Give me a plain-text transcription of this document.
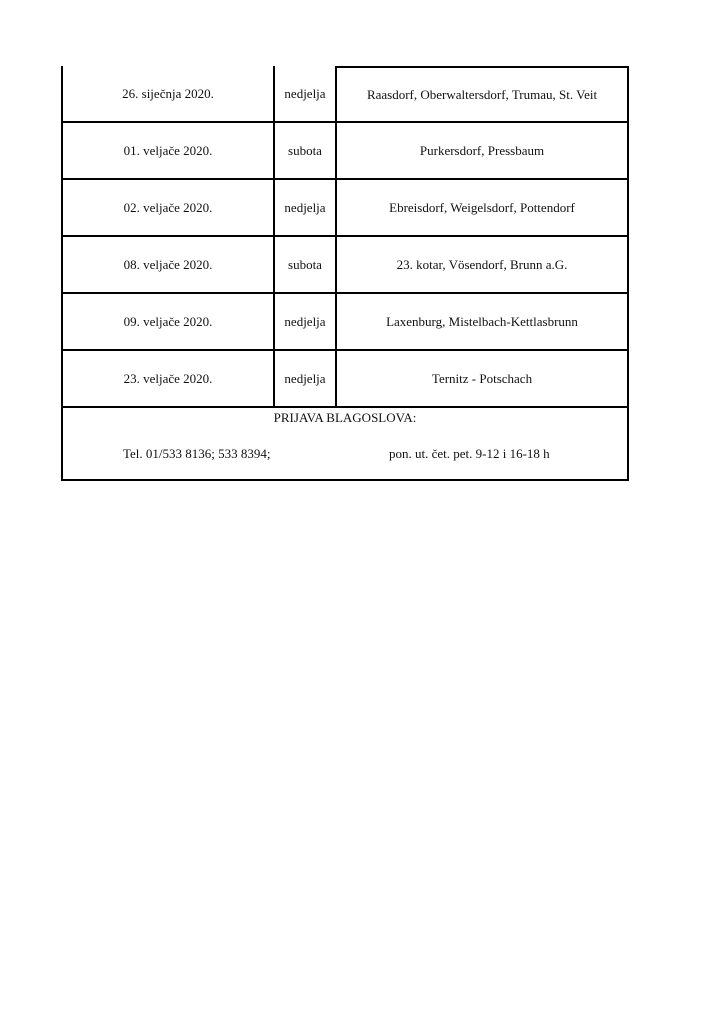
26. siječnja 2020.	nedjelja	Raasdorf, Oberwaltersdorf, Trumau, St. Veit
01. veljače 2020.	subota	Purkersdorf, Pressbaum
02. veljače 2020.	nedjelja	Ebreisdorf, Weigelsdorf, Pottendorf
08. veljače 2020.	subota	23. kotar, Vösendorf, Brunn a.G.
09. veljače 2020.	nedjelja	Laxenburg, Mistelbach-Kettlasbrunn
23. veljače 2020.	nedjelja	Ternitz - Potschach
PRIJAVA BLAGOSLOVA:
Tel. 01/533 8136; 533 8394;	pon. ut. čet. pet. 9-12 i 16-18 h
